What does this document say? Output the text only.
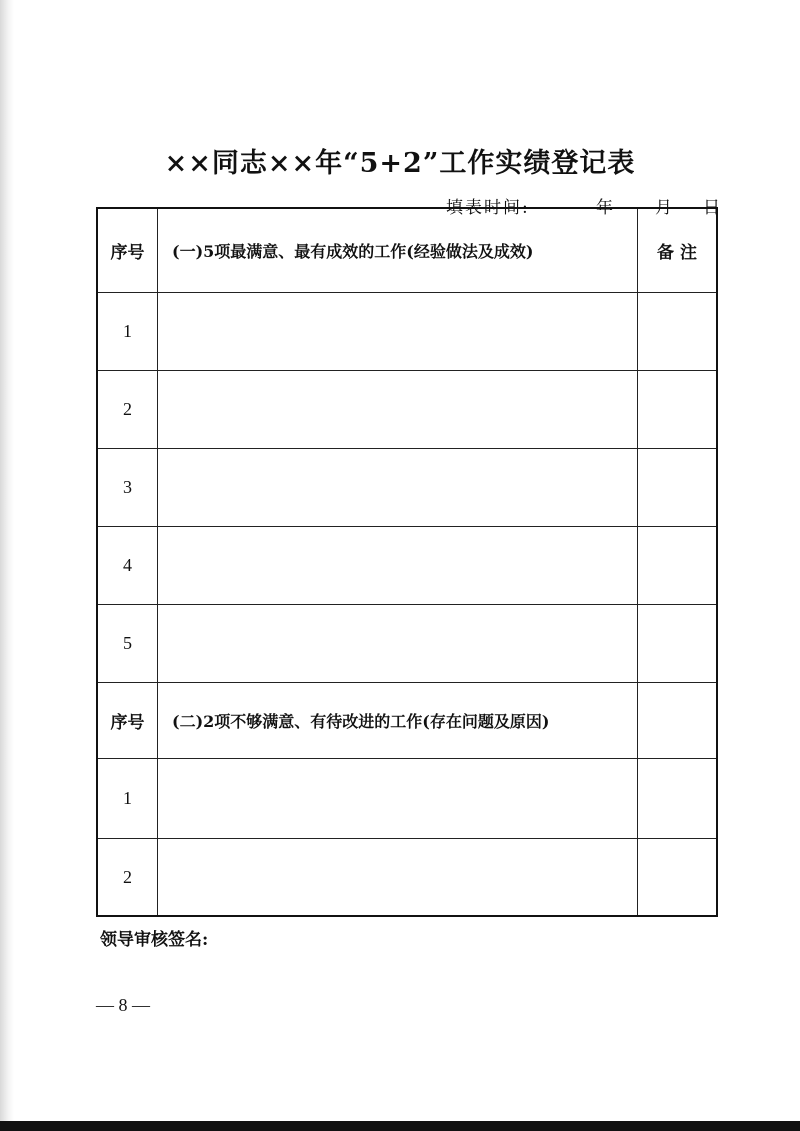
××同志××年“5+2”工作实绩登记表
填表时间:	年 月 日
序号	(一)5项最满意、最有成效的工作(经验做法及成效)	备 注
1
2
3
4
5
序号	(二)2项不够满意、有待改进的工作(存在问题及原因)
1
2
领导审核签名:
— 8 —
